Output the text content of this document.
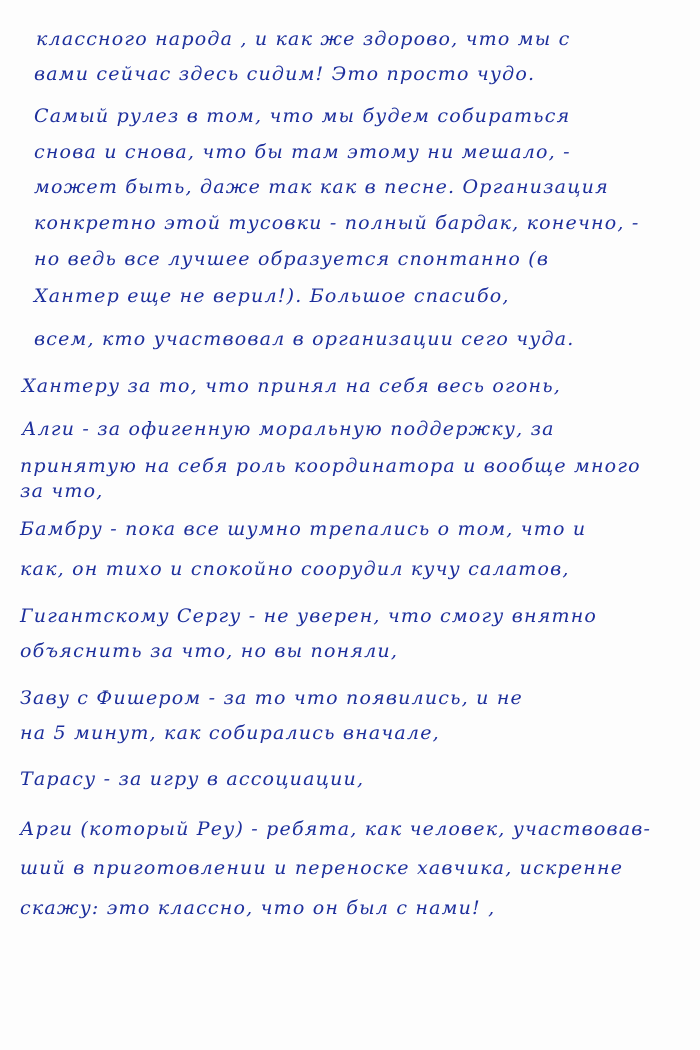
классного народа , и как же здорово, что мы с
вами сейчас здесь сидим! Это просто чудо.
Самый рулез в том, что мы будем собираться
снова и снова, что бы там этому ни мешало, -
может быть, даже так как в песне. Организация
конкретно этой тусовки - полный бардак, конечно, -
но ведь все лучшее образуется спонтанно (в
Хантер еще не верил!). Большое спасибо,
всем, кто участвовал в организации сего чуда.
Хантеру за то, что принял на себя весь огонь,
Алги - за офигенную моральную поддержку, за
принятую на себя роль координатора и вообще много
за что,
Бамбру - пока все шумно трепались о том, что и
как, он тихо и спокойно соорудил кучу салатов,
Гигантскому Сергу - не уверен, что смогу внятно
объяснить за что, но вы поняли,
Заву с Фишером - за то что появились, и не
на 5 минут, как собирались вначале,
Тарасу - за игру в ассоциации,
Арги (который Реу) - ребята, как человек, участвовав-
ший в приготовлении и переноске хавчика, искренне
скажу: это классно, что он был с нами! ,
